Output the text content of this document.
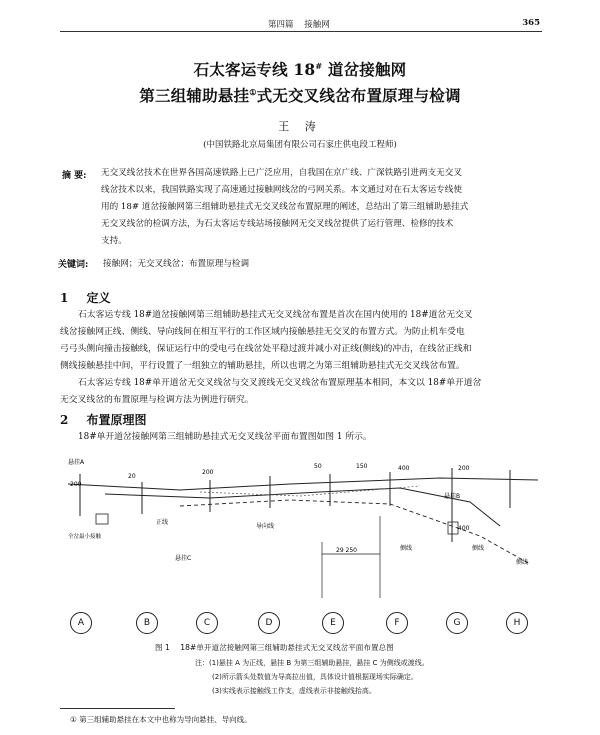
第四篇 接触网	365
石太客运专线 18# 道岔接触网
第三组辅助悬挂①式无交叉线岔布置原理与检调
王 涛
(中国铁路北京局集团有限公司石家庄供电段工程师)
摘 要: 无交叉线岔技术在世界各国高速铁路上已广泛应用，自我国在京广线、广深铁路引进两支无交叉
线岔技术以来，我国铁路实现了高速通过接触网线岔的弓网关系。本文通过对在石太客运专线使
用的 18# 道岔接触网第三组辅助悬挂式无交叉线岔布置原理的阐述，总结出了第三组辅助悬挂式
无交叉线岔的检调方法，为石太客运专线站场接触网无交叉线岔提供了运行管理、检修的技术
支持。
关键词: 接触网；无交叉线岔；布置原理与检调
1 定义
石太客运专线 18#道岔接触网第三组辅助悬挂式无交叉线岔布置是首次在国内使用的 18#道岔无交叉
线岔接触网正线、侧线、导向线间在相互平行的工作区域内接触悬挂无交叉的布置方式。为防止机车受电
弓弓头侧向撞击接触线，保证运行中的受电弓在线岔处平稳过渡并减小对正线(侧线)的冲击，在线岔正线和
侧线接触悬挂中间，平行设置了一组独立的辅助悬挂，所以也谓之为第三组辅助悬挂式无交叉线岔布置。
石太客运专线 18#单开道岔无交叉线岔与交叉渡线无交叉线岔布置原理基本相同，本文以 18#单开道岔
无交叉线岔的布置原理与检调方法为例进行研究。
2 布置原理图
18#单开道岔接触网第三组辅助悬挂式无交叉线岔平面布置图如图 1 所示。
悬挂A
200
20
200
50	150	400	200
400
29 250
悬挂C
悬挂B
侧线
全岔最小接触
正线
导向线
侧线	侧线
A	B	C	D	E	F	G	H
图 1 18#单开道岔接触网第三组辅助悬挂式无交叉线岔平面布置总图
注：(1)悬挂 A 为正线，悬挂 B 为第三组辅助悬挂，悬挂 C 为侧线或渡线。
(2)所示箭头处数值为导高拉出值，具体设计值根据现场实际确定。
(3)实线表示接触线工作支，虚线表示非接触线抬高。
① 第三组辅助悬挂在本文中也称为导向悬挂、导向线。
